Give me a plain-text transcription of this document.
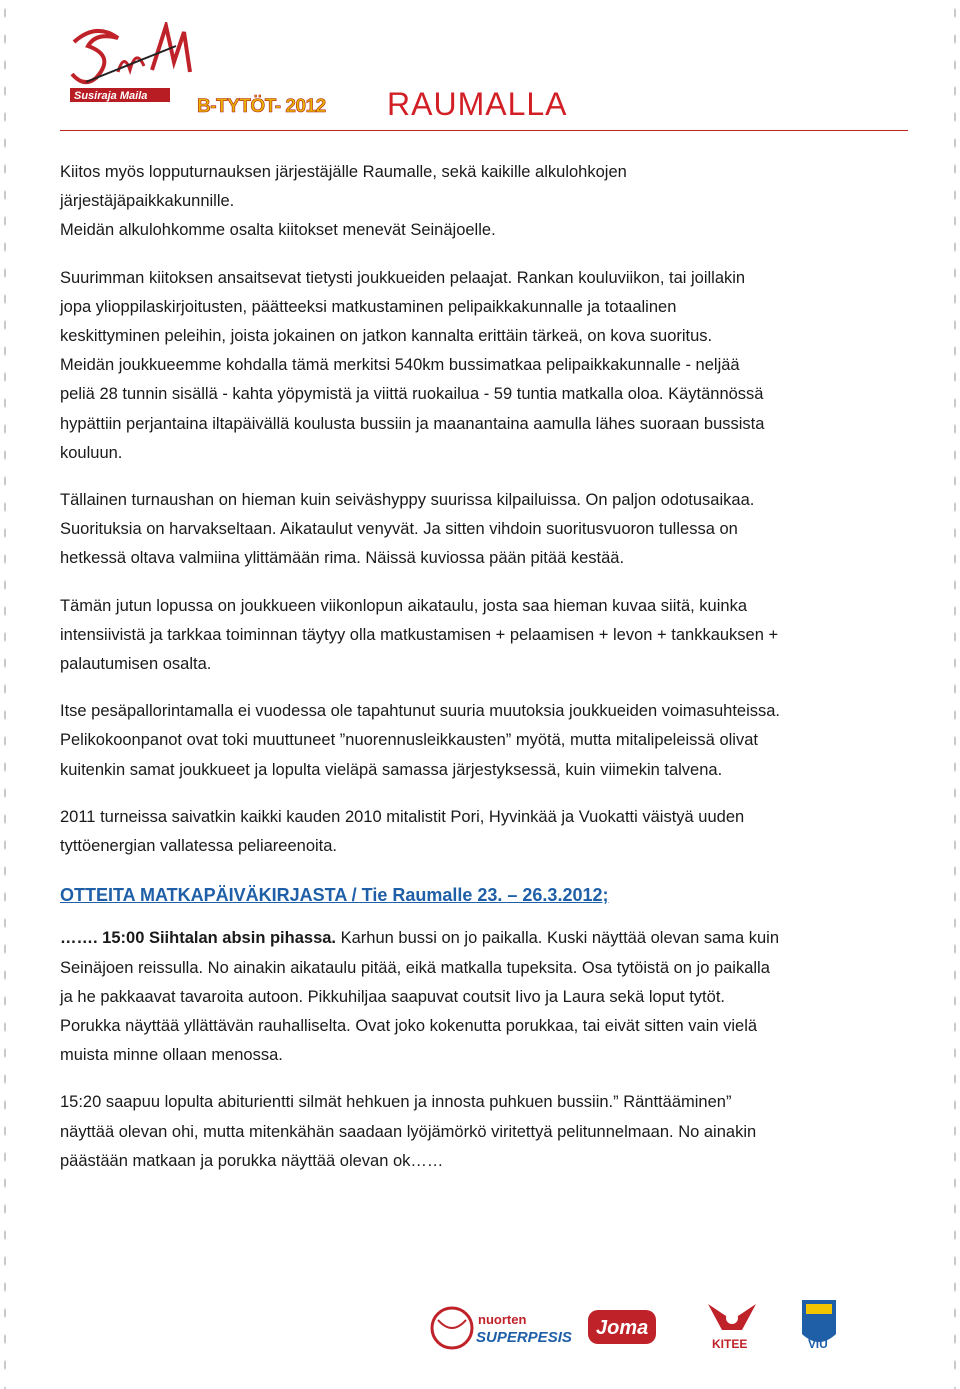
Susiraja Maila	B-TYTÖT- 2012 RAUMALLA

Kiitos myös lopputurnauksen järjestäjälle Raumalle, sekä kaikille alkulohkojen
järjestäjäpaikkakunnille.
Meidän alkulohkomme osalta kiitokset menevät Seinäjoelle.

Suurimman kiitoksen ansaitsevat tietysti joukkueiden pelaajat. Rankan kouluviikon, tai joillakin
jopa ylioppilaskirjoitusten, päätteeksi matkustaminen pelipaikkakunnalle ja totaalinen
keskittyminen peleihin, joista jokainen on jatkon kannalta erittäin tärkeä, on kova suoritus.
Meidän joukkueemme kohdalla tämä merkitsi 540km bussimatkaa pelipaikkakunnalle - neljää
peliä 28 tunnin sisällä - kahta yöpymistä ja viittä ruokailua - 59 tuntia matkalla oloa. Käytännössä
hypättiin perjantaina iltapäivällä koulusta bussiin ja maanantaina aamulla lähes suoraan bussista
kouluun.

Tällainen turnaushan on hieman kuin seiväshyppy suurissa kilpailuissa. On paljon odotusaikaa.
Suorituksia on harvakseltaan. Aikataulut venyvät. Ja sitten vihdoin suoritusvuoron tullessa on
hetkessä oltava valmiina ylittämään rima. Näissä kuviossa pään pitää kestää.

Tämän jutun lopussa on joukkueen viikonlopun aikataulu, josta saa hieman kuvaa siitä, kuinka
intensiivistä ja tarkkaa toiminnan täytyy olla matkustamisen + pelaamisen + levon + tankkauksen +
palautumisen osalta.

Itse pesäpallorintamalla ei vuodessa ole tapahtunut suuria muutoksia joukkueiden voimasuhteissa.
Pelikokoonpanot ovat toki muuttuneet ”nuorennusleikkausten” myötä, mutta mitalipeleissä olivat
kuitenkin samat joukkueet ja lopulta vieläpä samassa järjestyksessä, kuin viimekin talvena.

2011 turneissa saivatkin kaikki kauden 2010 mitalistit Pori, Hyvinkää ja Vuokatti väistyä uuden
tyttöenergian vallatessa peliareenoita.

OTTEITA MATKAPÄIVÄKIRJASTA / Tie Raumalle 23. – 26.3.2012;

……. 15:00 Siihtalan absin pihassa. Karhun bussi on jo paikalla. Kuski näyttää olevan sama kuin
Seinäjoen reissulla. No ainakin aikataulu pitää, eikä matkalla tupeksita. Osa tytöistä on jo paikalla
ja he pakkaavat tavaroita autoon. Pikkuhiljaa saapuvat coutsit Iivo ja Laura sekä loput tytöt.
Porukka näyttää yllättävän rauhalliselta. Ovat joko kokenutta porukkaa, tai eivät sitten vain vielä
muista minne ollaan menossa.

15:20 saapuu lopulta abiturientti silmät hehkuen ja innosta puhkuen bussiin.” Ränttääminen”
näyttää olevan ohi, mutta mitenkähän saadaan lyöjämörkö viritettyä pelitunnelmaan. No ainakin
päästään matkaan ja porukka näyttää olevan ok……

nuorten
SUPERPESIS Joma
KITEE	ViU
